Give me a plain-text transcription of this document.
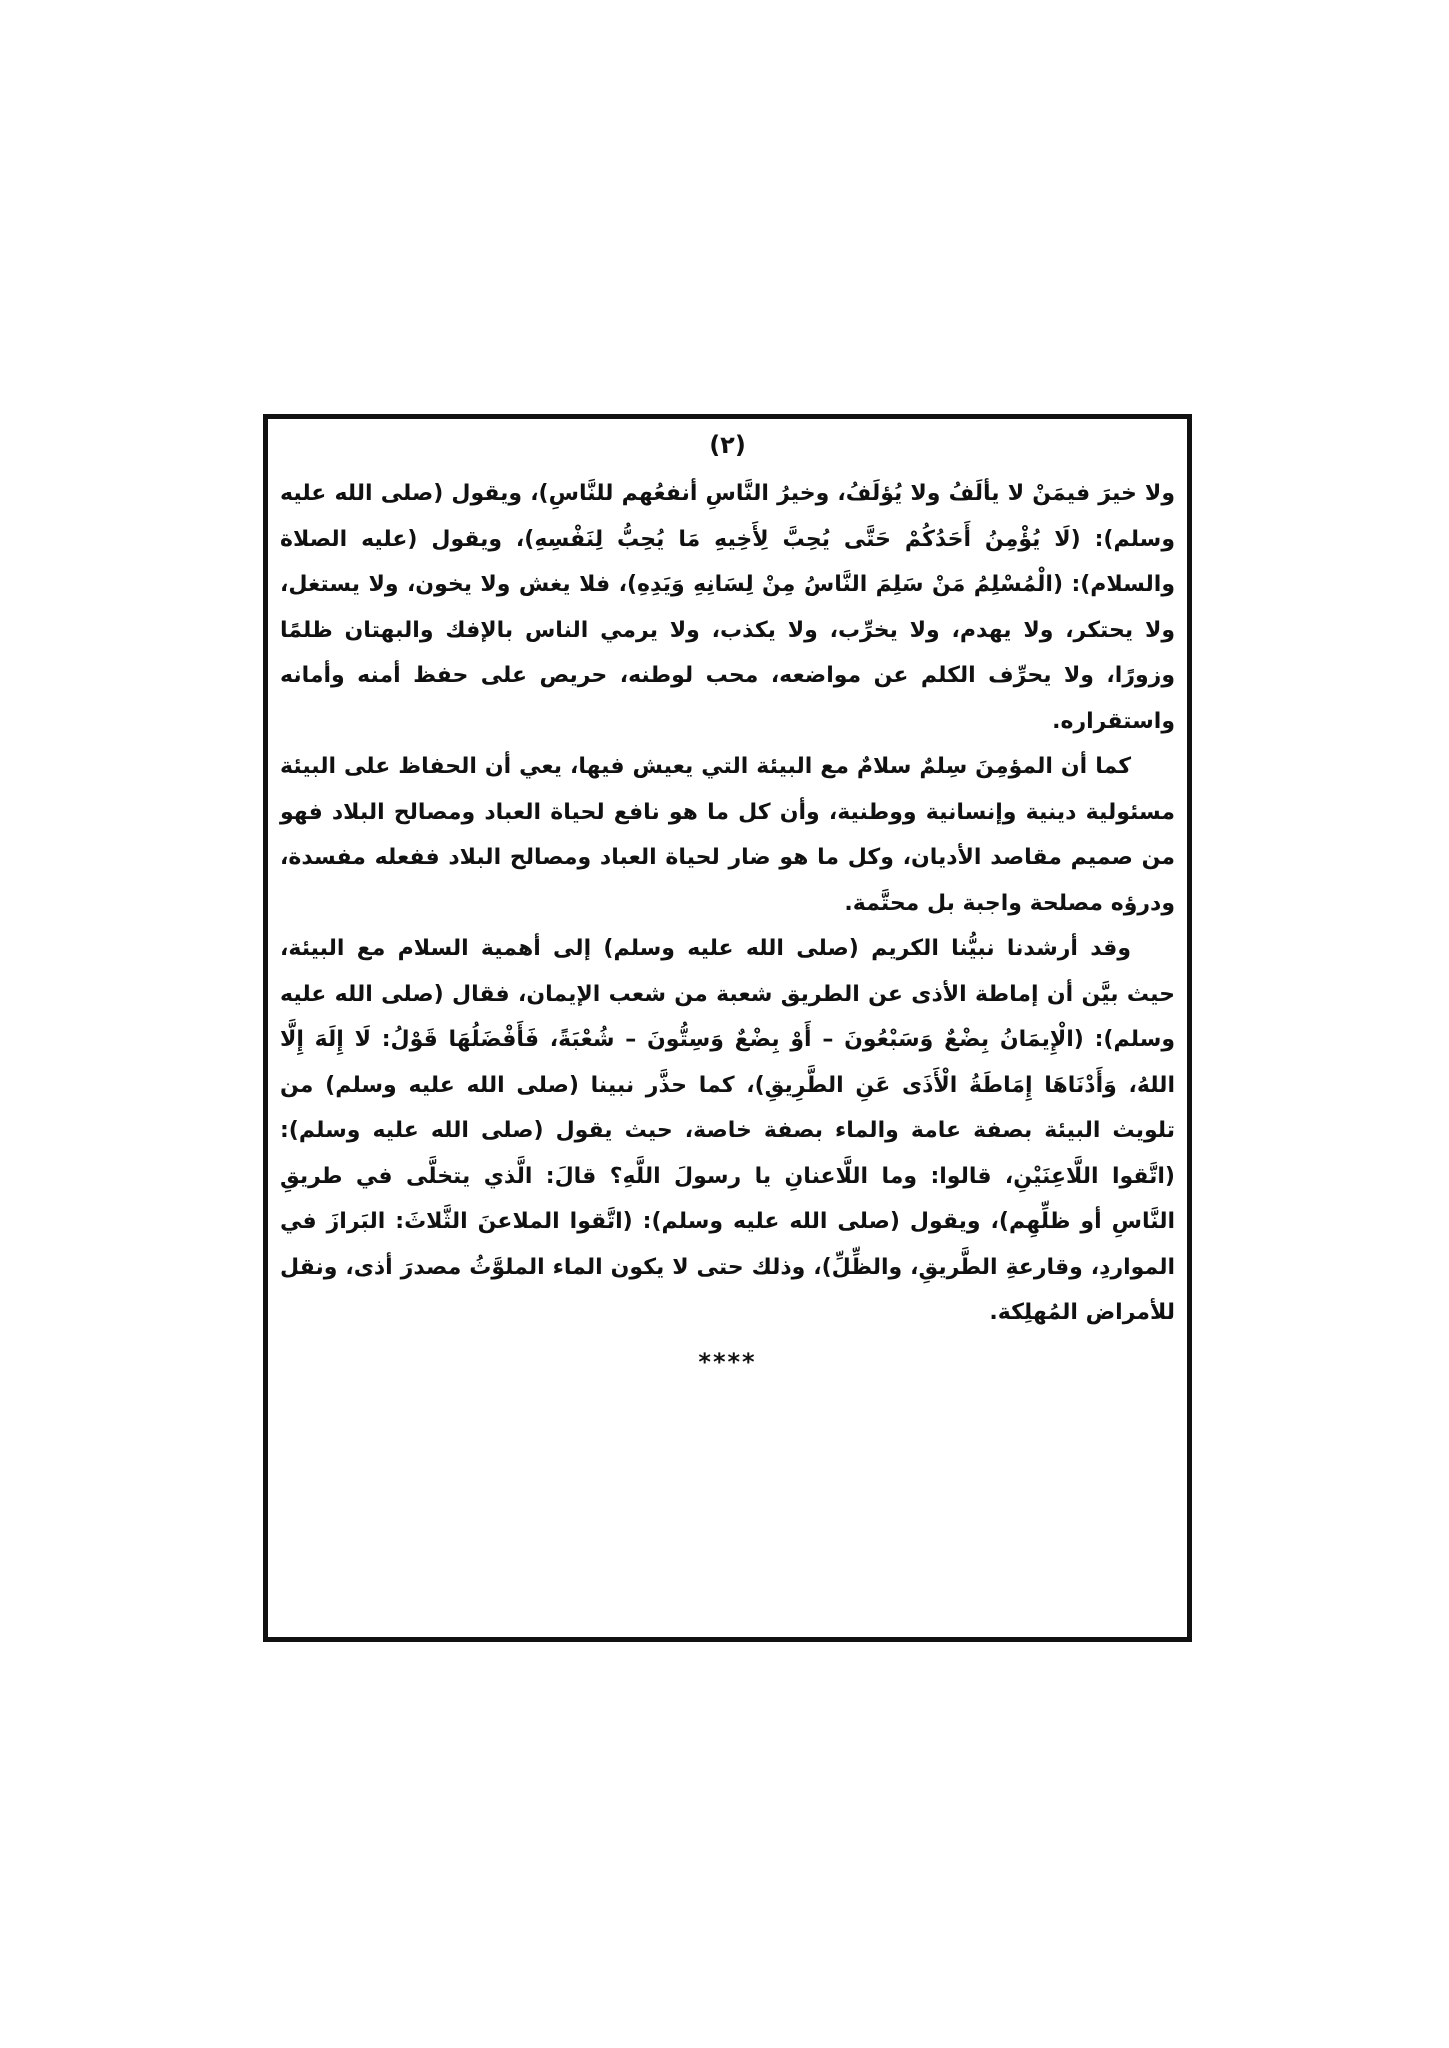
(٢)

ولا خيرَ فيمَنْ لا يألَفُ ولا يُؤلَفُ، وخيرُ النَّاسِ أنفعُهم للنَّاسِ)، ويقول (صلى الله عليه وسلم): (لَا يُؤْمِنُ أَحَدُكُمْ حَتَّى يُحِبَّ لِأَخِيهِ مَا يُحِبُّ لِنَفْسِهِ)، ويقول (عليه الصلاة والسلام): (الْمُسْلِمُ مَنْ سَلِمَ النَّاسُ مِنْ لِسَانِهِ وَيَدِهِ)، فلا يغش ولا يخون، ولا يستغل، ولا يحتكر، ولا يهدم، ولا يخرِّب، ولا يكذب، ولا يرمي الناس بالإفك والبهتان ظلمًا وزورًا، ولا يحرِّف الكلم عن مواضعه، محب لوطنه، حريص على حفظ أمنه وأمانه واستقراره.

كما أن المؤمِنَ سِلمٌ سلامٌ مع البيئة التي يعيش فيها، يعي أن الحفاظ على البيئة مسئولية دينية وإنسانية ووطنية، وأن كل ما هو نافع لحياة العباد ومصالح البلاد فهو من صميم مقاصد الأديان، وكل ما هو ضار لحياة العباد ومصالح البلاد ففعله مفسدة، ودرؤه مصلحة واجبة بل محتَّمة.

وقد أرشدنا نبيُّنا الكريم (صلى الله عليه وسلم) إلى أهمية السلام مع البيئة، حيث بيَّن أن إماطة الأذى عن الطريق شعبة من شعب الإيمان، فقال (صلى الله عليه وسلم): (الْإِيمَانُ بِضْعٌ وَسَبْعُونَ – أَوْ بِضْعٌ وَسِتُّونَ – شُعْبَةً، فَأَفْضَلُهَا قَوْلُ: لَا إِلَهَ إِلَّا اللهُ، وَأَدْنَاهَا إِمَاطَةُ الْأَذَى عَنِ الطَّرِيقِ)، كما حذَّر نبينا (صلى الله عليه وسلم) من تلويث البيئة بصفة عامة والماء بصفة خاصة، حيث يقول (صلى الله عليه وسلم): (اتَّقوا اللَّاعِنَيْنِ، قالوا: وما اللَّاعنانِ يا رسولَ اللَّهِ؟ قالَ: الَّذي يتخلَّى في طريقِ النَّاسِ أو ظلِّهِم)، ويقول (صلى الله عليه وسلم): (اتَّقوا الملاعنَ الثَّلاثَ: البَرازَ في المواردِ، وقارعةِ الطَّريقِ، والظِّلِّ)، وذلك حتى لا يكون الماء الملوَّثُ مصدرَ أذى، ونقل للأمراض المُهلِكة.

****
